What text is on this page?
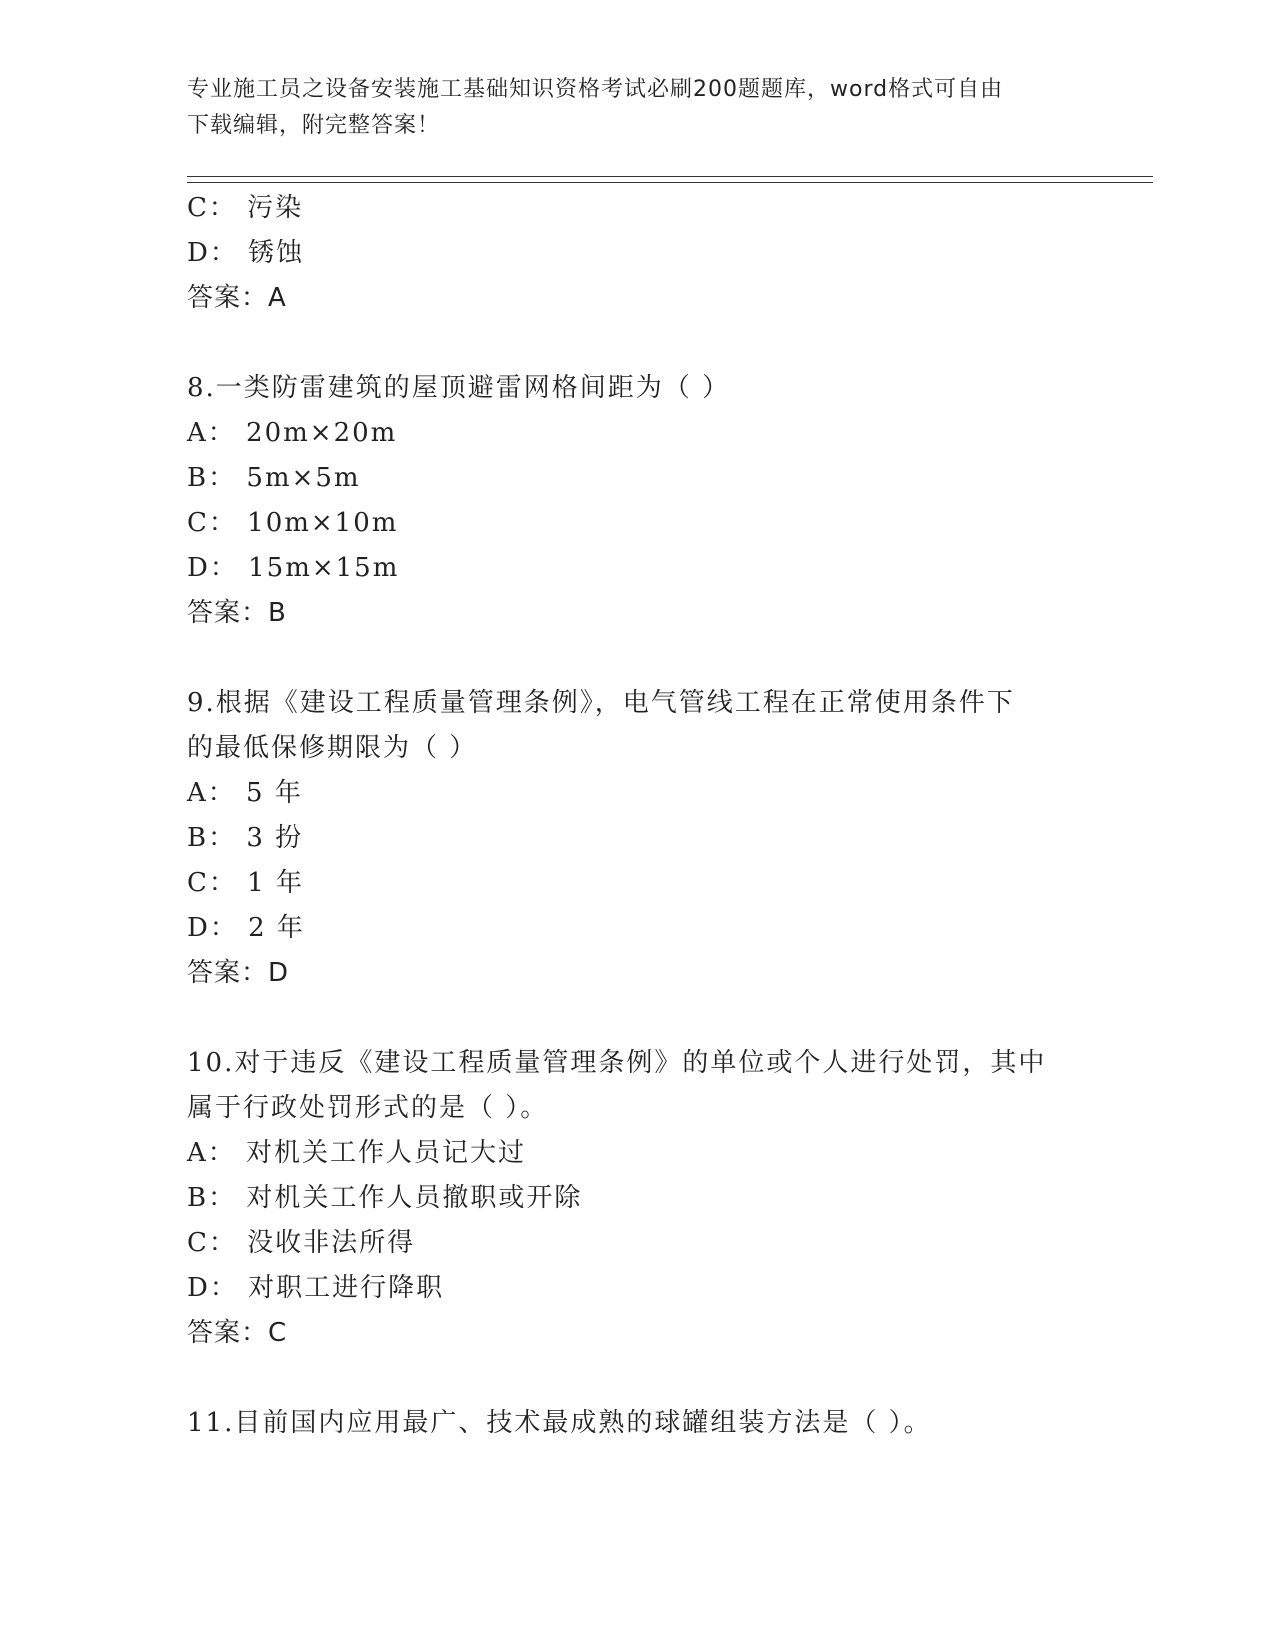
专业施工员之设备安装施工基础知识资格考试必刷200题题库，word格式可自由
下载编辑，附完整答案！
C： 污染
D： 锈蚀
答案：A
8.一类防雷建筑的屋顶避雷网格间距为（ ）
A： 20m×20m
B： 5m×5m
C： 10m×10m
D： 15m×15m
答案：B
9.根据《建设工程质量管理条例》，电气管线工程在正常使用条件下
的最低保修期限为（ ）
A： 5 年
B： 3 扮
C： 1 年
D： 2 年
答案：D
10.对于违反《建设工程质量管理条例》的单位或个人进行处罚，其中
属于行政处罚形式的是（ ）。
A： 对机关工作人员记大过
B： 对机关工作人员撤职或开除
C： 没收非法所得
D： 对职工进行降职
答案：C
11.目前国内应用最广、技术最成熟的球罐组装方法是（ ）。
